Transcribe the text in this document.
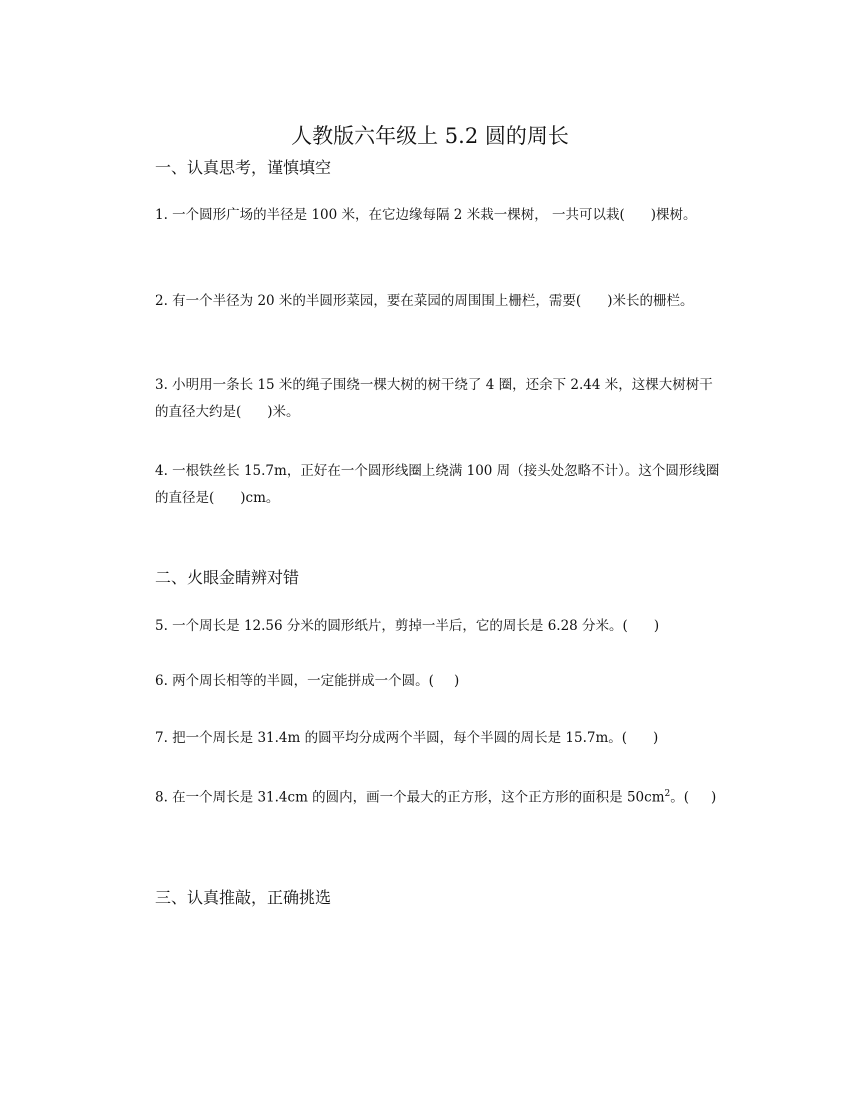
人教版六年级上 5.2 圆的周长
一、认真思考，谨慎填空
1. 一个圆形广场的半径是 100 米，在它边缘每隔 2 米栽一棵树， 一共可以栽( )棵树。
2. 有一个半径为 20 米的半圆形菜园，要在菜园的周围围上栅栏，需要( )米长的栅栏。
3. 小明用一条长 15 米的绳子围绕一棵大树的树干绕了 4 圈，还余下 2.44 米，这棵大树树干的直径大约是( )米。
4. 一根铁丝长 15.7m，正好在一个圆形线圈上绕满 100 周（接头处忽略不计）。这个圆形线圈的直径是( )cm。
二、火眼金睛辨对错
5. 一个周长是 12.56 分米的圆形纸片，剪掉一半后，它的周长是 6.28 分米。( )
6. 两个周长相等的半圆，一定能拼成一个圆。( )
7. 把一个周长是 31.4m 的圆平均分成两个半圆，每个半圆的周长是 15.7m。( )
8. 在一个周长是 31.4cm 的圆内，画一个最大的正方形，这个正方形的面积是 $50cm^2$。( )
三、认真推敲，正确挑选
